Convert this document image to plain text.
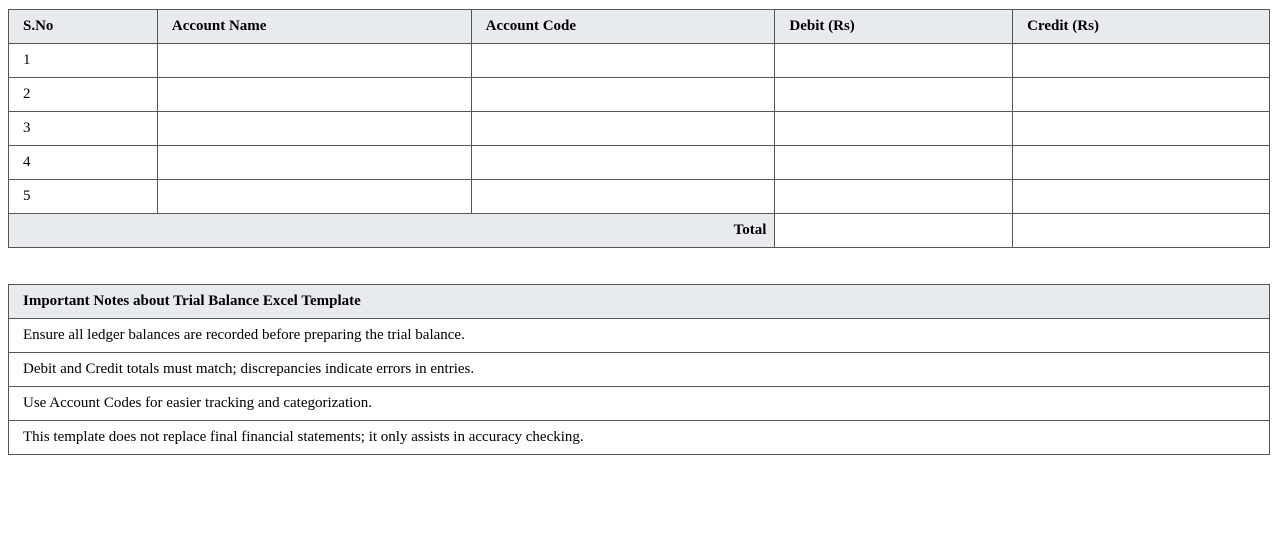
S.No	Account Name	Account Code	Debit (Rs)	Credit (Rs)
1				
2				
3				
4				
5				
Total				
Important Notes about Trial Balance Excel Template
Ensure all ledger balances are recorded before preparing the trial balance.
Debit and Credit totals must match; discrepancies indicate errors in entries.
Use Account Codes for easier tracking and categorization.
This template does not replace final financial statements; it only assists in accuracy checking.
